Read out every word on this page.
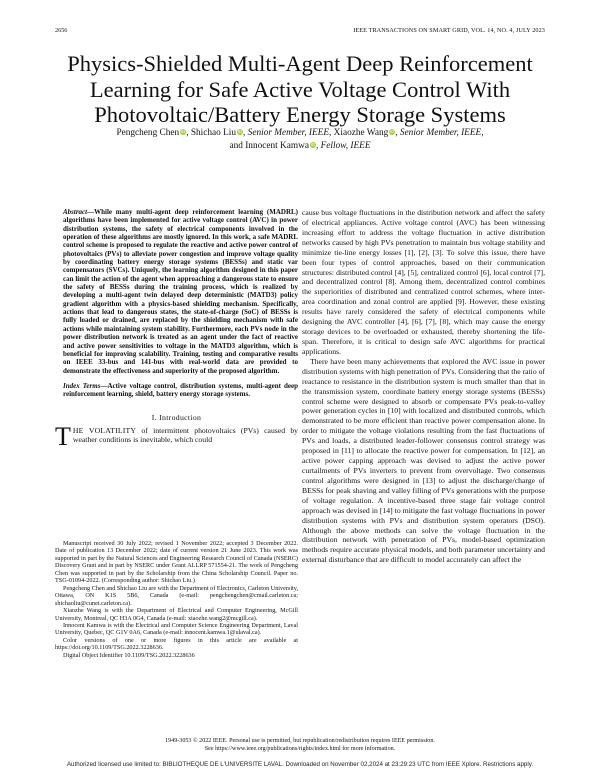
2656	IEEE TRANSACTIONS ON SMART GRID, VOL. 14, NO. 4, JULY 2023
Physics-Shielded Multi-Agent Deep Reinforcement Learning for Safe Active Voltage Control With Photovoltaic/Battery Energy Storage Systems
Pengcheng Chen iD, Shichao Liu iD, Senior Member, IEEE, Xiaozhe Wang iD, Senior Member, IEEE,
and Innocent Kamwa iD, Fellow, IEEE

Abstract—While many multi-agent deep reinforcement learning (MADRL) algorithms have been implemented for active voltage control (AVC) in power distribution systems, the safety of electrical components involved in the operation of these algorithms are mostly ignored. In this work, a safe MADRL control scheme is proposed to regulate the reactive and active power control of photovoltaics (PVs) to alleviate power congestion and improve voltage quality by coordinating battery energy storage systems (BESSs) and static var compensators (SVCs). Uniquely, the learning algorithm designed in this paper can limit the action of the agent when approaching a dangerous state to ensure the safety of BESSs during the training process, which is realized by developing a multi-agent twin delayed deep deterministic (MATD3) policy gradient algorithm with a physics-based shielding mechanism. Specifically, actions that lead to dangerous states, the state-of-charge (SoC) of BESSs is fully loaded or drained, are replaced by the shielding mechanism with safe actions while maintaining system stability. Furthermore, each PVs node in the power distribution network is treated as an agent under the fact of reactive and active power sensitivities to voltage in the MATD3 algorithm, which is beneficial for improving scalability. Training, testing and comparative results on IEEE 33-bus and 141-bus with real-world data are provided to demonstrate the effectiveness and superiority of the proposed algorithm.

Index Terms—Active voltage control, distribution systems, multi-agent deep reinforcement learning, shield, battery energy storage systems.

I. Introduction

THE VOLATILITY of intermittent photovoltaics (PVs) caused by weather conditions is inevitable, which could

Manuscript received 30 July 2022; revised 1 November 2022; accepted 3 December 2022. Date of publication 13 December 2022; date of current version 21 June 2023. This work was supported in part by the Natural Sciences and Engineering Research Council of Canada (NSERC) Discovery Grant and in part by NSERC under Grant ALLRP 571554-21. The work of Pengcheng Chen was supported in part by the Scholarship from the China Scholarship Council. Paper no. TSG-01094-2022. (Corresponding author: Shichao Liu.)

Pengcheng Chen and Shichao Liu are with the Department of Electronics, Carleton University, Ottawa, ON K1S 5B6, Canada (e-mail: pengchengchen@cmail.carleton.ca; shichaoliu@cunet.carleton.ca).

Xiaozhe Wang is with the Department of Electrical and Computer Engineering, McGill University, Montreal, QC H3A 0G4, Canada (e-mail: xiaozhe.wang2@mcgill.ca).

Innocent Kamwa is with the Electrical and Computer Science Engineering Department, Laval University, Quebec, QC G1V 0A6, Canada (e-mail: innocent.kamwa.1@ulaval.ca).

Color versions of one or more figures in this article are available at https://doi.org/10.1109/TSG.2022.3228636.

Digital Object Identifier 10.1109/TSG.2022.3228636

cause bus voltage fluctuations in the distribution network and affect the safety of electrical appliances. Active voltage control (AVC) has been witnessing increasing effort to address the voltage fluctuation in active distribution networks caused by high PVs penetration to maintain bus voltage stability and minimize tie-line energy losses [1], [2], [3]. To solve this issue, there have been four types of control approaches, based on their communication structures: distributed control [4], [5], centralized control [6], local control [7], and decentralized control [8]. Among them, decentralized control combines the superiorities of distributed and centralized control schemes, where inter-area coordination and zonal control are applied [9]. However, these existing results have rarely considered the safety of electrical components while designing the AVC controller [4], [6], [7], [8], which may cause the energy storage devices to be overloaded or exhausted, thereby shortening the life-span. Therefore, it is critical to design safe AVC algorithms for practical applications.

There have been many achievements that explored the AVC issue in power distribution systems with high penetration of PVs. Considering that the ratio of reactance to resistance in the distribution system is much smaller than that in the transmission system, coordinate battery energy storage systems (BESSs) control scheme were designed to absorb or compensate PVs peak-to-valley power generation cycles in [10] with localized and distributed controls, which demonstrated to be more efficient than reactive power compensation alone. In order to mitigate the voltage violations resulting from the fast fluctuations of PVs and loads, a distributed leader-follower consensus control strategy was proposed in [11] to allocate the reactive power for compensation. In [12], an active power capping approach was devised to adjust the active power curtailments of PVs inverters to prevent from overvoltage. Two consensus control algorithms were designed in [13] to adjust the discharge/charge of BESSs for peak shaving and valley filling of PVs generations with the purpose of voltage regulation. A incentive-based three stage fair voltage control approach was devised in [14] to mitigate the fast voltage fluctuations in power distribution systems with PVs and distribution system operators (DSO). Although the above methods can solve the voltage fluctuation in the distribution network with penetration of PVs, model-based optimization methods require accurate physical models, and both parameter uncertainty and external disturbance that are difficult to model accurately can affect the

1949-3053 © 2022 IEEE. Personal use is permitted, but republication/redistribution requires IEEE permission.
See https://www.ieee.org/publications/rights/index.html for more information.
Authorized licensed use limited to: BIBLIOTHEQUE DE L'UNIVERSITE LAVAL. Downloaded on November 02,2024 at 23:29:23 UTC from IEEE Xplore. Restrictions apply.
